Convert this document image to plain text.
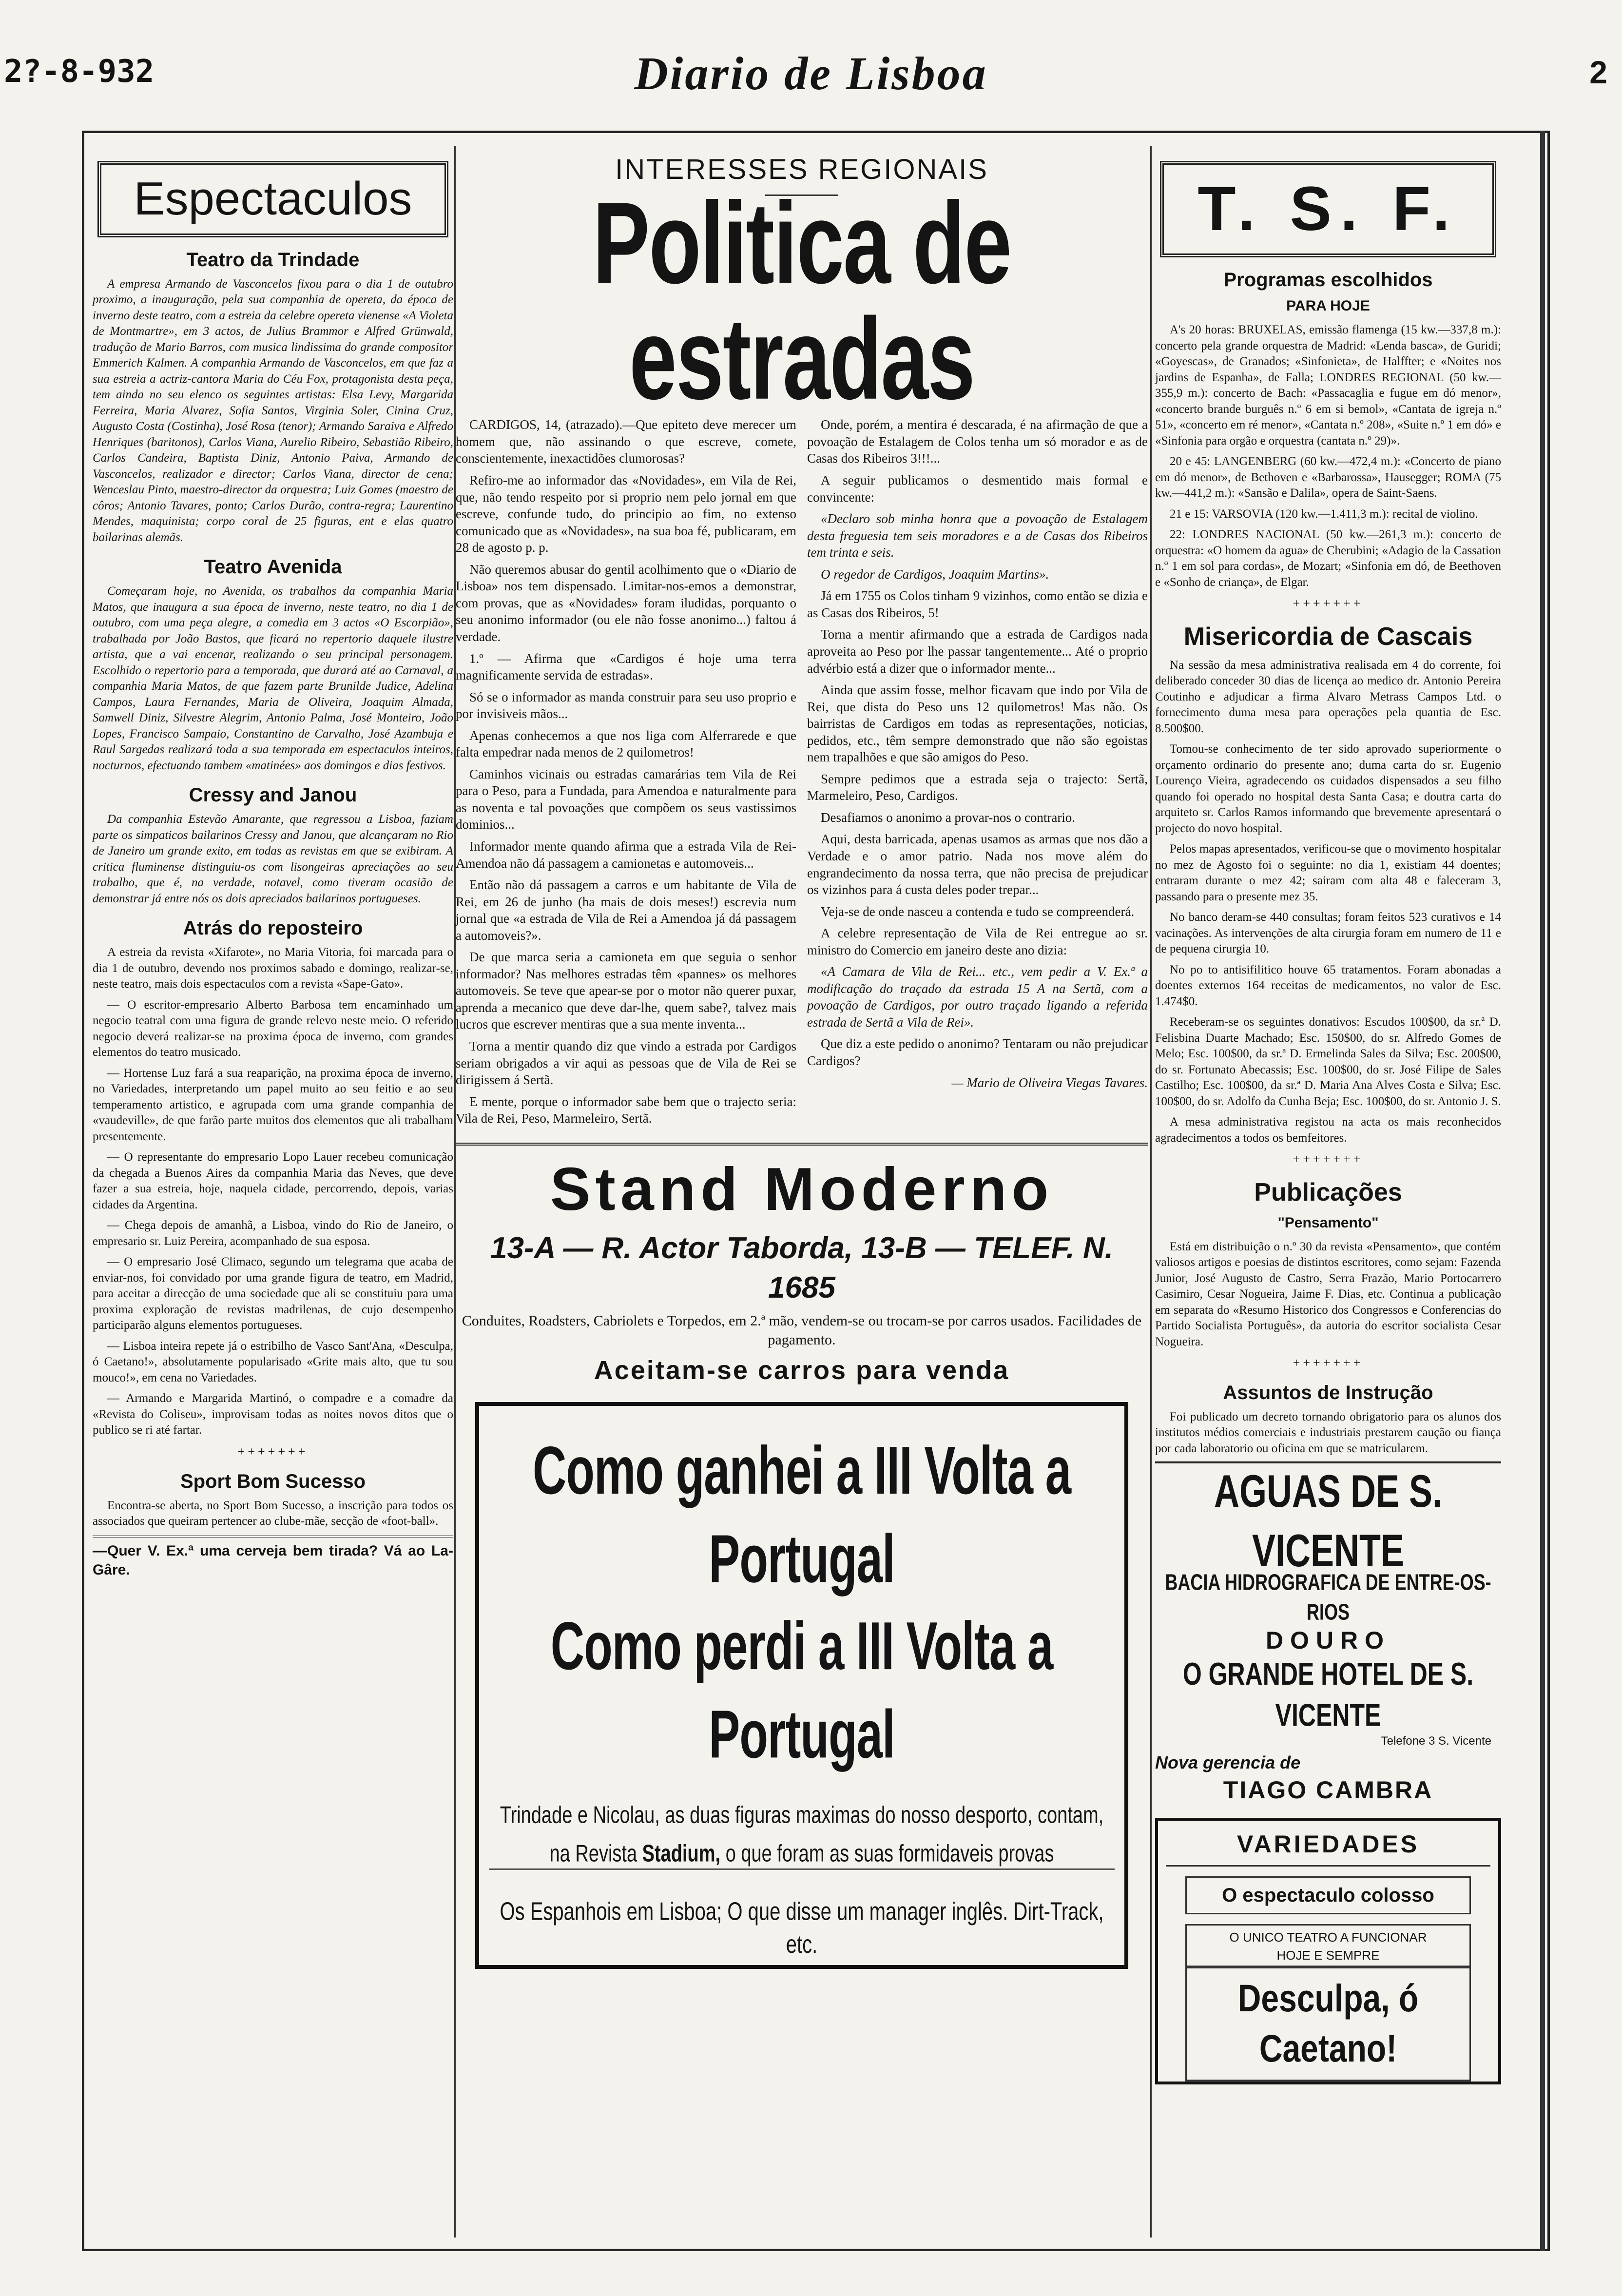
2?-8-932	Diario de Lisboa	2
Espectaculos
Teatro da Trindade
A empresa Armando de Vasconcelos fixou para o dia 1 de outubro proximo, a inauguração, pela sua companhia de opereta, da época de inverno deste teatro, com a estreia da celebre opereta vienense «A Violeta de Montmartre», em 3 actos, de Julius Brammor e Alfred Grünwald, tradução de Mario Barros, com musica lindissima do grande compositor Emmerich Kalmen. A companhia Armando de Vasconcelos, em que faz a sua estreia a actriz-cantora Maria do Céu Fox, protagonista desta peça, tem ainda no seu elenco os seguintes artistas: Elsa Levy, Margarida Ferreira, Maria Alvarez, Sofia Santos, Virginia Soler, Cinina Cruz, Augusto Costa (Costinha), José Rosa (tenor); Armando Saraiva e Alfredo Henriques (baritonos), Carlos Viana, Aurelio Ribeiro, Sebastião Ribeiro, Carlos Candeira, Baptista Diniz, Antonio Paiva, Armando de Vasconcelos, realizador e director; Carlos Viana, director de cena; Wenceslau Pinto, maestro-director da orquestra; Luiz Gomes (maestro de côros; Antonio Tavares, ponto; Carlos Durão, contra-regra; Laurentino Mendes, maquinista; corpo coral de 25 figuras, ent e elas quatro bailarinas alemãs.
Teatro Avenida
Começaram hoje, no Avenida, os trabalhos da companhia Maria Matos, que inaugura a sua época de inverno, neste teatro, no dia 1 de outubro, com uma peça alegre, a comedia em 3 actos «O Escorpião», trabalhada por João Bastos, que ficará no repertorio daquele ilustre artista, que a vai encenar, realizando o seu principal personagem. Escolhido o repertorio para a temporada, que durará até ao Carnaval, a companhia Maria Matos, de que fazem parte Brunilde Judice, Adelina Campos, Laura Fernandes, Maria de Oliveira, Joaquim Almada, Samwell Diniz, Silvestre Alegrim, Antonio Palma, José Monteiro, João Lopes, Francisco Sampaio, Constantino de Carvalho, José Azambuja e Raul Sargedas realizará toda a sua temporada em espectaculos inteiros, nocturnos, efectuando tambem «matinées» aos domingos e dias festivos.
Cressy and Janou
Da companhia Estevão Amarante, que regressou a Lisboa, faziam parte os simpaticos bailarinos Cressy and Janou, que alcançaram no Rio de Janeiro um grande exito, em todas as revistas em que se exibiram. A critica fluminense distinguiu-os com lisongeiras apreciações ao seu trabalho, que é, na verdade, notavel, como tiveram ocasião de demonstrar já entre nós os dois apreciados bailarinos portugueses.
Atrás do reposteiro
A estreia da revista «Xifarote», no Maria Vitoria, foi marcada para o dia 1 de outubro, devendo nos proximos sabado e domingo, realizar-se, neste teatro, mais dois espectaculos com a revista «Sape-Gato».
— O escritor-empresario Alberto Barbosa tem encaminhado um negocio teatral com uma figura de grande relevo neste meio. O referido negocio deverá realizar-se na proxima época de inverno, com grandes elementos do teatro musicado.
— Hortense Luz fará a sua reaparição, na proxima época de inverno, no Variedades, interpretando um papel muito ao seu feitio e ao seu temperamento artistico, e agrupada com uma grande companhia de «vaudeville», de que farão parte muitos dos elementos que ali trabalham presentemente.
— O representante do empresario Lopo Lauer recebeu comunicação da chegada a Buenos Aires da companhia Maria das Neves, que deve fazer a sua estreia, hoje, naquela cidade, percorrendo, depois, varias cidades da Argentina.
— Chega depois de amanhã, a Lisboa, vindo do Rio de Janeiro, o empresario sr. Luiz Pereira, acompanhado de sua esposa.
— O empresario José Climaco, segundo um telegrama que acaba de enviar-nos, foi convidado por uma grande figura de teatro, em Madrid, para aceitar a direcção de uma sociedade que ali se constituiu para uma proxima exploração de revistas madrilenas, de cujo desempenho participarão alguns elementos portugueses.
— Lisboa inteira repete já o estribilho de Vasco Sant'Ana, «Desculpa, ó Caetano!», absolutamente popularisado «Grite mais alto, que tu sou mouco!», em cena no Variedades.
— Armando e Margarida Martinó, o compadre e a comadre da «Revista do Coliseu», improvisam todas as noites novos ditos que o publico se ri até fartar.
+++++++
Sport Bom Sucesso
Encontra-se aberta, no Sport Bom Sucesso, a inscrição para todos os associados que queiram pertencer ao clube-mãe, secção de «foot-ball».
—Quer V. Ex.ª uma cerveja bem tirada? Vá ao La-Gâre.
INTERESSES REGIONAIS
Politica de estradas
CARDIGOS, 14, (atrazado).—Que epiteto deve merecer um homem que, não assinando o que escreve, comete, conscientemente, inexactidões clumorosas?
Refiro-me ao informador das «Novidades», em Vila de Rei, que, não tendo respeito por si proprio nem pelo jornal em que escreve, confunde tudo, do principio ao fim, no extenso comunicado que as «Novidades», na sua boa fé, publicaram, em 28 de agosto p. p.
Não queremos abusar do gentil acolhimento que o «Diario de Lisboa» nos tem dispensado. Limitar-nos-emos a demonstrar, com provas, que as «Novidades» foram iludidas, porquanto o seu anonimo informador (ou ele não fosse anonimo...) faltou á verdade.
1.º — Afirma que «Cardigos é hoje uma terra magnificamente servida de estradas».
Só se o informador as manda construir para seu uso proprio e por invisiveis mãos...
Apenas conhecemos a que nos liga com Alferrarede e que falta empedrar nada menos de 2 quilometros!
Caminhos vicinais ou estradas camarárias tem Vila de Rei para o Peso, para a Fundada, para Amendoa e naturalmente para as noventa e tal povoações que compõem os seus vastissimos dominios...
Informador mente quando afirma que a estrada Vila de Rei-Amendoa não dá passagem a camionetas e automoveis...
Então não dá passagem a carros e um habitante de Vila de Rei, em 26 de junho (ha mais de dois meses!) escrevia num jornal que «a estrada de Vila de Rei a Amendoa já dá passagem a automoveis?».
De que marca seria a camioneta em que seguia o senhor informador? Nas melhores estradas têm «pannes» os melhores automoveis. Se teve que apear-se por o motor não querer puxar, aprenda a mecanico que deve dar-lhe, quem sabe?, talvez mais lucros que escrever mentiras que a sua mente inventa...
Torna a mentir quando diz que vindo a estrada por Cardigos seriam obrigados a vir aqui as pessoas que de Vila de Rei se dirigissem á Sertã.
E mente, porque o informador sabe bem que o trajecto seria: Vila de Rei, Peso, Marmeleiro, Sertã.
Onde, porém, a mentira é descarada, é na afirmação de que a povoação de Estalagem de Colos tenha um só morador e as de Casas dos Ribeiros 3!!!...
A seguir publicamos o desmentido mais formal e convincente:
«Declaro sob minha honra que a povoação de Estalagem desta freguesia tem seis moradores e a de Casas dos Ribeiros tem trinta e seis.
O regedor de Cardigos, Joaquim Martins».
Já em 1755 os Colos tinham 9 vizinhos, como então se dizia e as Casas dos Ribeiros, 5!
Torna a mentir afirmando que a estrada de Cardigos nada aproveita ao Peso por lhe passar tangentemente... Até o proprio advérbio está a dizer que o informador mente...
Ainda que assim fosse, melhor ficavam que indo por Vila de Rei, que dista do Peso uns 12 quilometros! Mas não. Os bairristas de Cardigos em todas as representações, noticias, pedidos, etc., têm sempre demonstrado que não são egoistas nem trapalhões e que são amigos do Peso.
Sempre pedimos que a estrada seja o trajecto: Sertã, Marmeleiro, Peso, Cardigos.
Desafiamos o anonimo a provar-nos o contrario.
Aqui, desta barricada, apenas usamos as armas que nos dão a Verdade e o amor patrio. Nada nos move além do engrandecimento da nossa terra, que não precisa de prejudicar os vizinhos para á custa deles poder trepar...
Veja-se de onde nasceu a contenda e tudo se compreenderá.
A celebre representação de Vila de Rei entregue ao sr. ministro do Comercio em janeiro deste ano dizia:
«A Camara de Vila de Rei... etc., vem pedir a V. Ex.ª a modificação do traçado da estrada 15 A na Sertã, com a povoação de Cardigos, por outro traçado ligando a referida estrada de Sertã a Vila de Rei».
Que diz a este pedido o anonimo? Tentaram ou não prejudicar Cardigos?
— Mario de Oliveira Viegas Tavares.
Stand Moderno
13-A — R. Actor Taborda, 13-B — TELEF. N. 1685
Conduites, Roadsters, Cabriolets e Torpedos, em 2.ª mão, vendem-se ou trocam-se por carros usados. Facilidades de pagamento.
Aceitam-se carros para venda
Como ganhei a III Volta a Portugal
Como perdi a III Volta a Portugal
Trindade e Nicolau, as duas figuras maximas do nosso desporto, contam, na Revista Stadium, o que foram as suas formidaveis provas
Os Espanhois em Lisboa; O que disse um manager inglês. Dirt-Track, etc.
T. S. F.
Programas escolhidos
PARA HOJE
A's 20 horas: BRUXELAS, emissão flamenga (15 kw.—337,8 m.): concerto pela grande orquestra de Madrid: «Lenda basca», de Guridi; «Goyescas», de Granados; «Sinfonieta», de Halffter; e «Noites nos jardins de Espanha», de Falla; LONDRES REGIONAL (50 kw.—355,9 m.): concerto de Bach: «Passacaglia e fugue em dó menor», «concerto brande burguês n.º 6 em si bemol», «Cantata de igreja n.º 51», «concerto em ré menor», «Cantata n.º 208», «Suite n.º 1 em dó» e «Sinfonia para orgão e orquestra (cantata n.º 29)».
20 e 45: LANGENBERG (60 kw.—472,4 m.): «Concerto de piano em dó menor», de Bethoven e «Barbarossa», Hausegger; ROMA (75 kw.—441,2 m.): «Sansão e Dalila», opera de Saint-Saens.
21 e 15: VARSOVIA (120 kw.—1.411,3 m.): recital de violino.
22: LONDRES NACIONAL (50 kw.—261,3 m.): concerto de orquestra: «O homem da agua» de Cherubini; «Adagio de la Cassation n.º 1 em sol para cordas», de Mozart; «Sinfonia em dó, de Beethoven e «Sonho de criança», de Elgar.
+++++++
Misericordia de Cascais
Na sessão da mesa administrativa realisada em 4 do corrente, foi deliberado conceder 30 dias de licença ao medico dr. Antonio Pereira Coutinho e adjudicar a firma Alvaro Metrass Campos Ltd. o fornecimento duma mesa para operações pela quantia de Esc. 8.500$00.
Tomou-se conhecimento de ter sido aprovado superiormente o orçamento ordinario do presente ano; duma carta do sr. Eugenio Lourenço Vieira, agradecendo os cuidados dispensados a seu filho quando foi operado no hospital desta Santa Casa; e doutra carta do arquiteto sr. Carlos Ramos informando que brevemente apresentará o projecto do novo hospital.
Pelos mapas apresentados, verificou-se que o movimento hospitalar no mez de Agosto foi o seguinte: no dia 1, existiam 44 doentes; entraram durante o mez 42; sairam com alta 48 e faleceram 3, passando para o presente mez 35.
No banco deram-se 440 consultas; foram feitos 523 curativos e 14 vacinações. As intervenções de alta cirurgia foram em numero de 11 e de pequena cirurgia 10.
No po to antisifilitico houve 65 tratamentos. Foram abonadas a doentes externos 164 receitas de medicamentos, no valor de Esc. 1.474$0.
Receberam-se os seguintes donativos: Escudos 100$00, da sr.ª D. Felisbina Duarte Machado; Esc. 150$00, do sr. Alfredo Gomes de Melo; Esc. 100$00, da sr.ª D. Ermelinda Sales da Silva; Esc. 200$00, do sr. Fortunato Abecassis; Esc. 100$00, do sr. José Filipe de Sales Castilho; Esc. 100$00, da sr.ª D. Maria Ana Alves Costa e Silva; Esc. 100$00, do sr. Adolfo da Cunha Beja; Esc. 100$00, do sr. Antonio J. S.
A mesa administrativa registou na acta os mais reconhecidos agradecimentos a todos os bemfeitores.
+++++++
Publicações
"Pensamento"
Está em distribuição o n.º 30 da revista «Pensamento», que contém valiosos artigos e poesias de distintos escritores, como sejam: Fazenda Junior, José Augusto de Castro, Serra Frazão, Mario Portocarrero Casimiro, Cesar Nogueira, Jaime F. Dias, etc. Continua a publicação em separata do «Resumo Historico dos Congressos e Conferencias do Partido Socialista Português», da autoria do escritor socialista Cesar Nogueira.
+++++++
Assuntos de Instrução
Foi publicado um decreto tornando obrigatorio para os alunos dos institutos médios comerciais e industriais prestarem caução ou fiança por cada laboratorio ou oficina em que se matricularem.
AGUAS DE S. VICENTE
BACIA HIDROGRAFICA DE ENTRE-OS-RIOS
DOURO
O GRANDE HOTEL DE S. VICENTE
Telefone 3 S. Vicente
Nova gerencia de
TIAGO CAMBRA
VARIEDADES
O espectaculo colosso
O UNICO TEATRO A FUNCIONAR
HOJE E SEMPRE
Desculpa, ó Caetano!
